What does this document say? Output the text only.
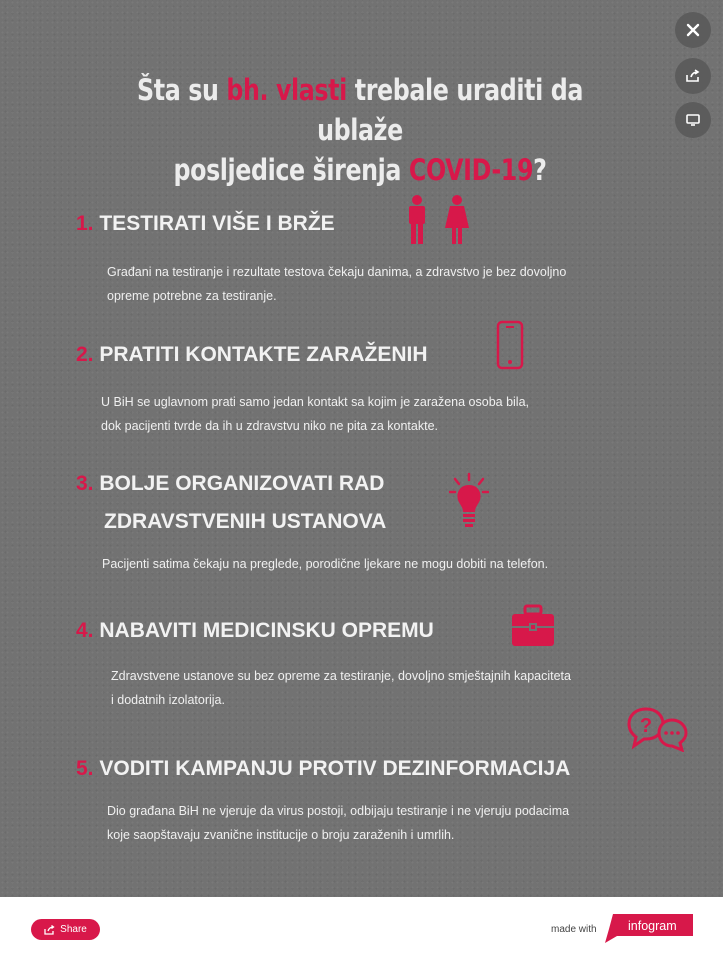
Šta su bh. vlasti trebale uraditi da ublaže
posljedice širenja COVID-19?
1. TESTIRATI VIŠE I BRŽE
Građani na testiranje i rezultate testova čekaju danima, a zdravstvo je bez dovoljno
opreme potrebne za testiranje.
2. PRATITI KONTAKTE ZARAŽENIH
U BiH se uglavnom prati samo jedan kontakt sa kojim je zaražena osoba bila,
dok pacijenti tvrde da ih u zdravstvu niko ne pita za kontakte.
3. BOLJE ORGANIZOVATI RAD
ZDRAVSTVENIH USTANOVA
Pacijenti satima čekaju na preglede, porodične ljekare ne mogu dobiti na telefon.
4. NABAVITI MEDICINSKU OPREMU
Zdravstvene ustanove su bez opreme za testiranje, dovoljno smještajnih kapaciteta
i dodatnih izolatorija.
?
5. VODITI KAMPANJU PROTIV DEZINFORMACIJA
Dio građana BiH ne vjeruje da virus postoji, odbijaju testiranje i ne vjeruju podacima
koje saopštavaju zvanične institucije o broju zaraženih i umrlih.
Share	made with	infogram
